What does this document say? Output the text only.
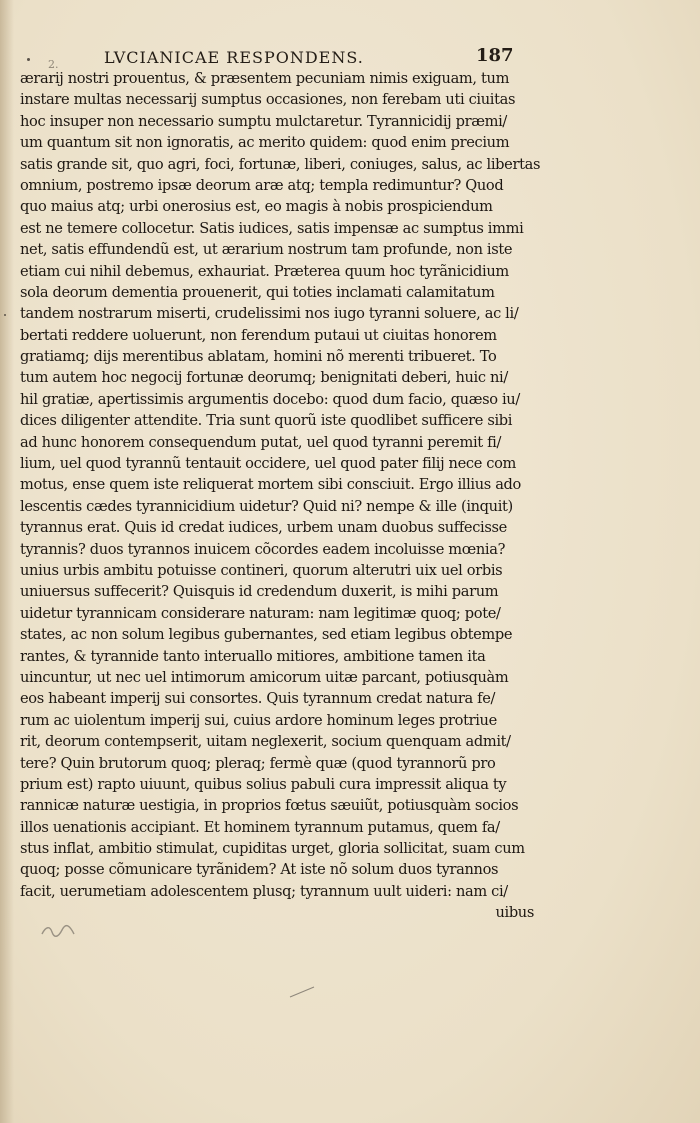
LVCIANICAE RESPONDENS.	187
ærarij nostri prouentus, & præsentem pecuniam nimis exiguam, tum
instare multas necessarij sumptus occasiones, non ferebam uti ciuitas
hoc insuper non necessario sumptu mulctaretur. Tyrannicidij præmi/
um quantum sit non ignoratis, ac merito quidem: quod enim precium
satis grande sit, quo agri, foci, fortunæ, liberi, coniuges, salus, ac libertas
omnium, postremo ipsæ deorum aræ atq; templa redimuntur? Quod
quo maius atq; urbi onerosius est, eo magis à nobis prospiciendum
est ne temere collocetur. Satis iudices, satis impensæ ac sumptus immi
net, satis effundendũ est, ut ærarium nostrum tam profunde, non iste
etiam cui nihil debemus, exhauriat. Præterea quum hoc tyrãnicidium
sola deorum dementia prouenerit, qui toties inclamati calamitatum
tandem nostrarum miserti, crudelissimi nos iugo tyranni soluere, ac li/
bertati reddere uoluerunt, non ferendum putaui ut ciuitas honorem
gratiamq; dijs merentibus ablatam, homini nõ merenti tribueret. To
tum autem hoc negocij fortunæ deorumq; benignitati deberi, huic ni/
hil gratiæ, apertissimis argumentis docebo: quod dum facio, quæso iu/
dices diligenter attendite. Tria sunt quorũ iste quodlibet sufficere sibi
ad hunc honorem consequendum putat, uel quod tyranni peremit fi/
lium, uel quod tyrannũ tentauit occidere, uel quod pater filij nece com
motus, ense quem iste reliquerat mortem sibi consciuit. Ergo illius ado
lescentis cædes tyrannicidium uidetur? Quid ni? nempe & ille (inquit)
tyrannus erat. Quis id credat iudices, urbem unam duobus suffecisse
tyrannis? duos tyrannos inuicem cõcordes eadem incoluisse mœnia?
unius urbis ambitu potuisse contineri, quorum alterutri uix uel orbis
uniuersus suffecerit? Quisquis id credendum duxerit, is mihi parum
uidetur tyrannicam considerare naturam: nam legitimæ quoq; pote/
states, ac non solum legibus gubernantes, sed etiam legibus obtempe
rantes, & tyrannide tanto interuallo mitiores, ambitione tamen ita
uincuntur, ut nec uel intimorum amicorum uitæ parcant, potiusquàm
eos habeant imperij sui consortes. Quis tyrannum credat natura fe/
rum ac uiolentum imperij sui, cuius ardore hominum leges protriue
rit, deorum contempserit, uitam neglexerit, socium quenquam admit/
tere? Quin brutorum quoq; pleraq; fermè quæ (quod tyrannorũ pro
prium est) rapto uiuunt, quibus solius pabuli cura impressit aliqua ty
rannicæ naturæ uestigia, in proprios fœtus sæuiũt, potiusquàm socios
illos uenationis accipiant. Et hominem tyrannum putamus, quem fa/
stus inflat, ambitio stimulat, cupiditas urget, gloria sollicitat, suam cum
quoq; posse cõmunicare tyrãnidem? At iste nõ solum duos tyrannos
facit, uerumetiam adolescentem plusq; tyrannum uult uideri: nam ci/
uibus
2.
